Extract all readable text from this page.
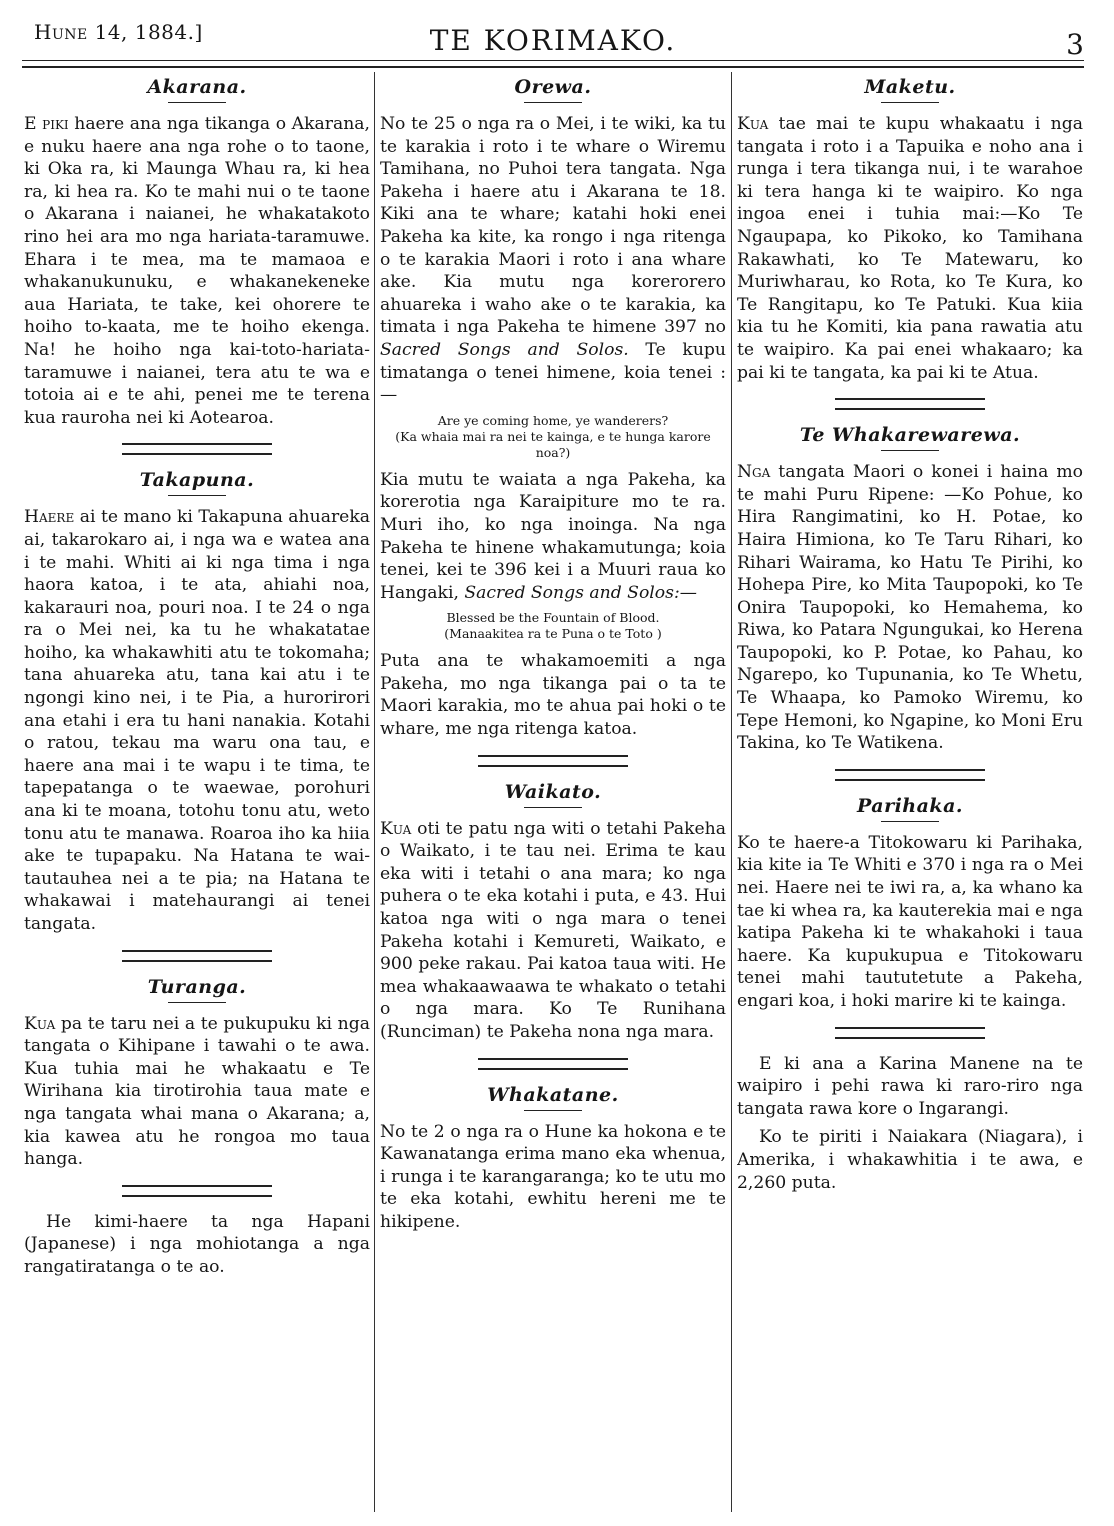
Hune 14, 1884.]	TE KORIMAKO.	3
Akarana.

E piki haere ana nga tikanga o Akarana, e nuku haere ana nga rohe o to taone, ki Oka ra, ki Maunga Whau ra, ki hea ra, ki hea ra. Ko te mahi nui o te taone o Akarana i naianei, he whakatakoto rino hei ara mo nga hariata-taramuwe. Ehara i te mea, ma te mamaoa e whakanukunuku, e whakanekeneke aua Hariata, te take, kei ohorere te hoiho to-kaata, me te hoiho ekenga. Na! he hoiho nga kai-toto-hariata-taramuwe i naianei, tera atu te wa e totoia ai e te ahi, penei me te terena kua rauroha nei ki Aotearoa.

Takapuna.

Haere ai te mano ki Takapuna ahuareka ai, takarokaro ai, i nga wa e watea ana i te mahi. Whiti ai ki nga tima i nga haora katoa, i te ata, ahiahi noa, kakarauri noa, pouri noa. I te 24 o nga ra o Mei nei, ka tu he whakatatae hoiho, ka whakawhiti atu te tokomaha; tana ahuareka atu, tana kai atu i te ngongi kino nei, i te Pia, a hurorirori ana etahi i era tu hani nanakia. Kotahi o ratou, tekau ma waru ona tau, e haere ana mai i te wapu i te tima, te tapepatanga o te waewae, porohuri ana ki te moana, totohu tonu atu, weto tonu atu te manawa. Roaroa iho ka hiia ake te tupapaku. Na Hatana te wai-tautauhea nei a te pia; na Hatana te whakawai i matehaurangi ai tenei tangata.

Turanga.

Kua pa te taru nei a te pukupuku ki nga tangata o Kihipane i tawahi o te awa. Kua tuhia mai he whakaatu e Te Wirihana kia tirotirohia taua mate e nga tangata whai mana o Akarana; a, kia kawea atu he rongoa mo taua hanga.

He kimi-haere ta nga Hapani (Japanese) i nga mohiotanga a nga rangatiratanga o te ao.

Orewa.

No te 25 o nga ra o Mei, i te wiki, ka tu te karakia i roto i te whare o Wiremu Tamihana, no Puhoi tera tangata. Nga Pakeha i haere atu i Akarana te 18. Kiki ana te whare; katahi hoki enei Pakeha ka kite, ka rongo i nga ritenga o te karakia Maori i roto i ana whare ake. Kia mutu nga korerorero ahuareka i waho ake o te karakia, ka timata i nga Pakeha te himene 397 no Sacred Songs and Solos. Te kupu timatanga o tenei himene, koia tenei :—

Are ye coming home, ye wanderers?
(Ka whaia mai ra nei te kainga, e te hunga karore noa?)

Kia mutu te waiata a nga Pakeha, ka korerotia nga Karaipiture mo te ra. Muri iho, ko nga inoinga. Na nga Pakeha te hinene whakamutunga; koia tenei, kei te 396 kei i a Muuri raua ko Hangaki, Sacred Songs and Solos:—

Blessed be the Fountain of Blood.
(Manaakitea ra te Puna o te Toto )

Puta ana te whakamoemiti a nga Pakeha, mo nga tikanga pai o ta te Maori karakia, mo te ahua pai hoki o te whare, me nga ritenga katoa.

Waikato.

Kua oti te patu nga witi o tetahi Pakeha o Waikato, i te tau nei. Erima te kau eka witi i tetahi o ana mara; ko nga puhera o te eka kotahi i puta, e 43. Hui katoa nga witi o nga mara o tenei Pakeha kotahi i Kemureti, Waikato, e 900 peke rakau. Pai katoa taua witi. He mea whakaawaawa te whakato o tetahi o nga mara. Ko Te Runihana (Runciman) te Pakeha nona nga mara.

Whakatane.

No te 2 o nga ra o Hune ka hokona e te Kawanatanga erima mano eka whenua, i runga i te karangaranga; ko te utu mo te eka kotahi, ewhitu hereni me te hikipene.

Maketu.

Kua tae mai te kupu whakaatu i nga tangata i roto i a Tapuika e noho ana i runga i tera tikanga nui, i te warahoe ki tera hanga ki te waipiro. Ko nga ingoa enei i tuhia mai:—Ko Te Ngaupapa, ko Pikoko, ko Tamihana Rakawhati, ko Te Matewaru, ko Muriwharau, ko Rota, ko Te Kura, ko Te Rangitapu, ko Te Patuki. Kua kiia kia tu he Komiti, kia pana rawatia atu te waipiro. Ka pai enei whakaaro; ka pai ki te tangata, ka pai ki te Atua.

Te Whakarewarewa.

Nga tangata Maori o konei i haina mo te mahi Puru Ripene: —Ko Pohue, ko Hira Rangimatini, ko H. Potae, ko Haira Himiona, ko Te Taru Rihari, ko Rihari Wairama, ko Hatu Te Pirihi, ko Hohepa Pire, ko Mita Taupopoki, ko Te Onira Taupopoki, ko Hemahema, ko Riwa, ko Patara Ngungukai, ko Herena Taupopoki, ko P. Potae, ko Pahau, ko Ngarepo, ko Tupunania, ko Te Whetu, Te Whaapa, ko Pamoko Wiremu, ko Tepe Hemoni, ko Ngapine, ko Moni Eru Takina, ko Te Watikena.

Parihaka.

Ko te haere-a Titokowaru ki Parihaka, kia kite ia Te Whiti e 370 i nga ra o Mei nei. Haere nei te iwi ra, a, ka whano ka tae ki whea ra, ka kauterekia mai e nga katipa Pakeha ki te whakahoki i taua haere. Ka kupukupua e Titokowaru tenei mahi taututetute a Pakeha, engari koa, i hoki marire ki te kainga.

E ki ana a Karina Manene na te waipiro i pehi rawa ki raro-riro nga tangata rawa kore o Ingarangi.

Ko te piriti i Naiakara (Niagara), i Amerika, i whakawhitia i te awa, e 2,260 puta.
